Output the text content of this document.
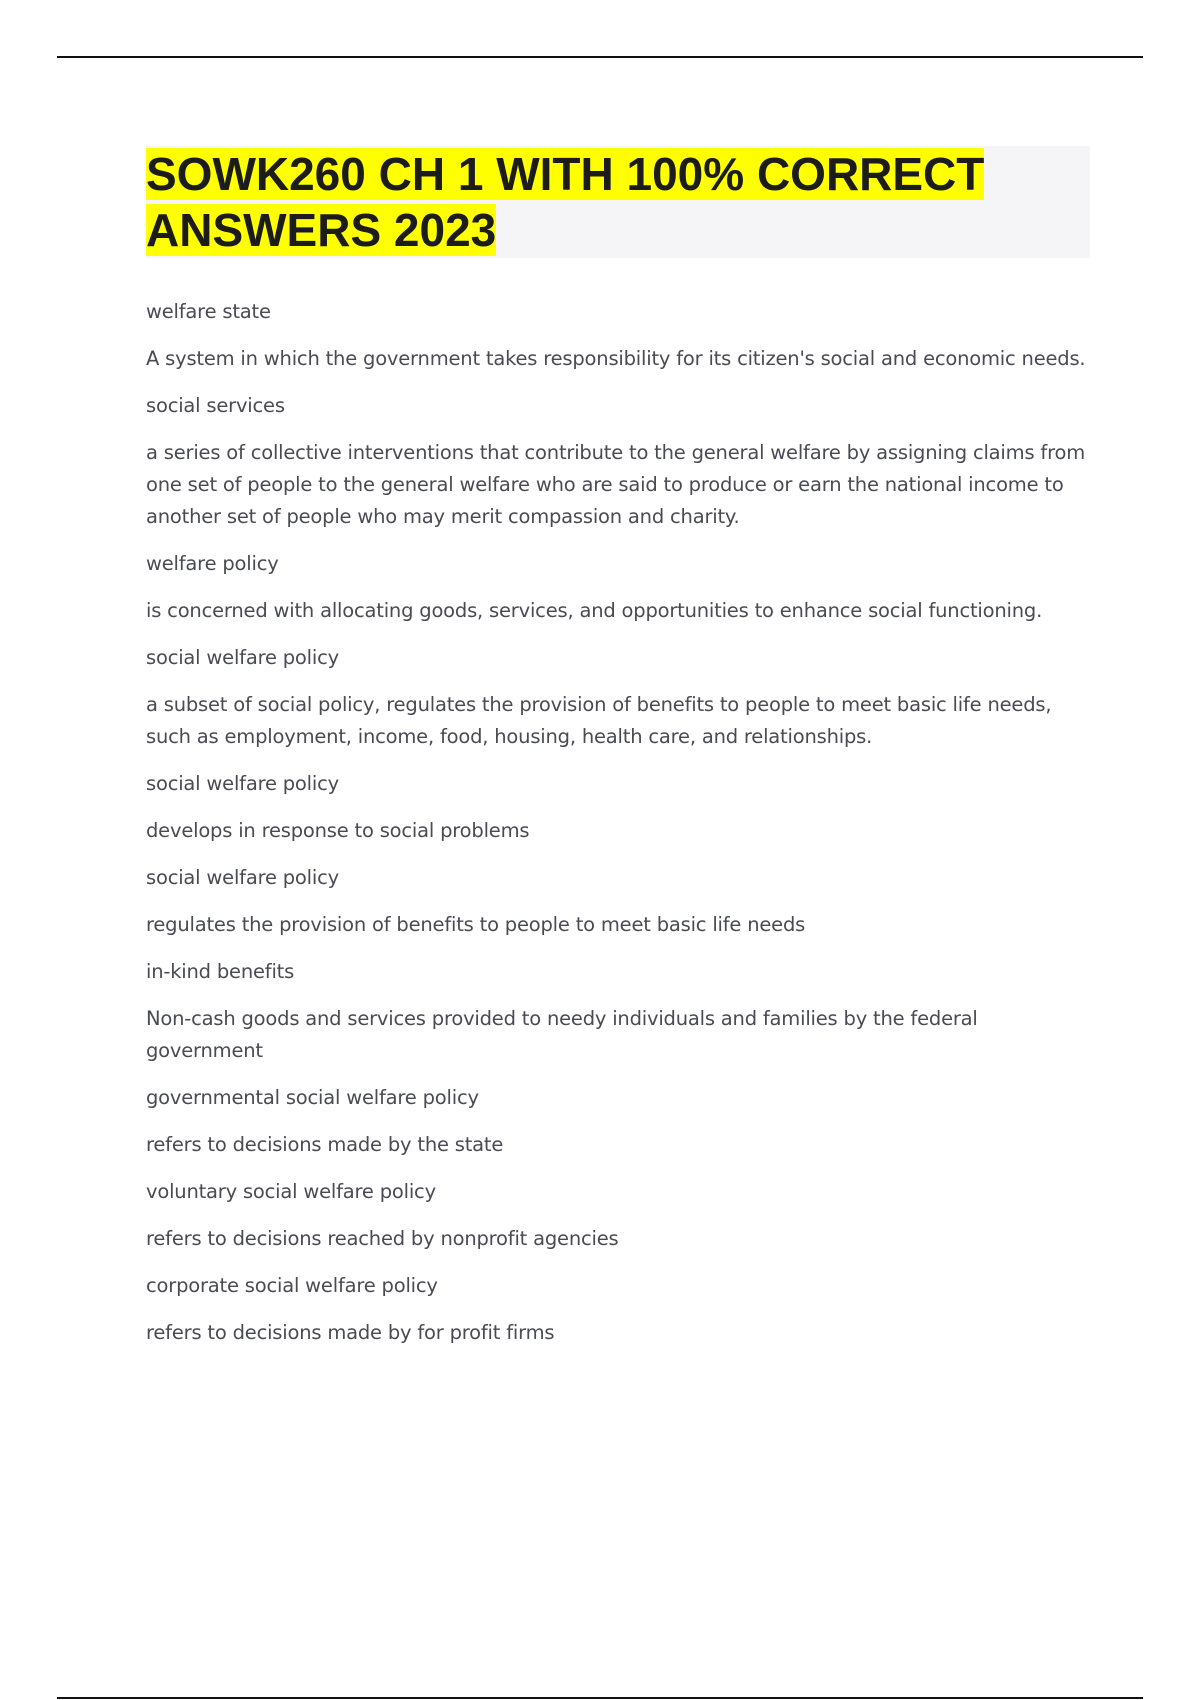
SOWK260 CH 1 WITH 100% CORRECT ANSWERS 2023

welfare state

A system in which the government takes responsibility for its citizen's social and economic needs.

social services

a series of collective interventions that contribute to the general welfare by assigning claims from one set of people to the general welfare who are said to produce or earn the national income to another set of people who may merit compassion and charity.

welfare policy

is concerned with allocating goods, services, and opportunities to enhance social functioning.

social welfare policy

a subset of social policy, regulates the provision of benefits to people to meet basic life needs, such as employment, income, food, housing, health care, and relationships.

social welfare policy

develops in response to social problems

social welfare policy

regulates the provision of benefits to people to meet basic life needs

in-kind benefits

Non-cash goods and services provided to needy individuals and families by the federal government

governmental social welfare policy

refers to decisions made by the state

voluntary social welfare policy

refers to decisions reached by nonprofit agencies

corporate social welfare policy

refers to decisions made by for profit firms
